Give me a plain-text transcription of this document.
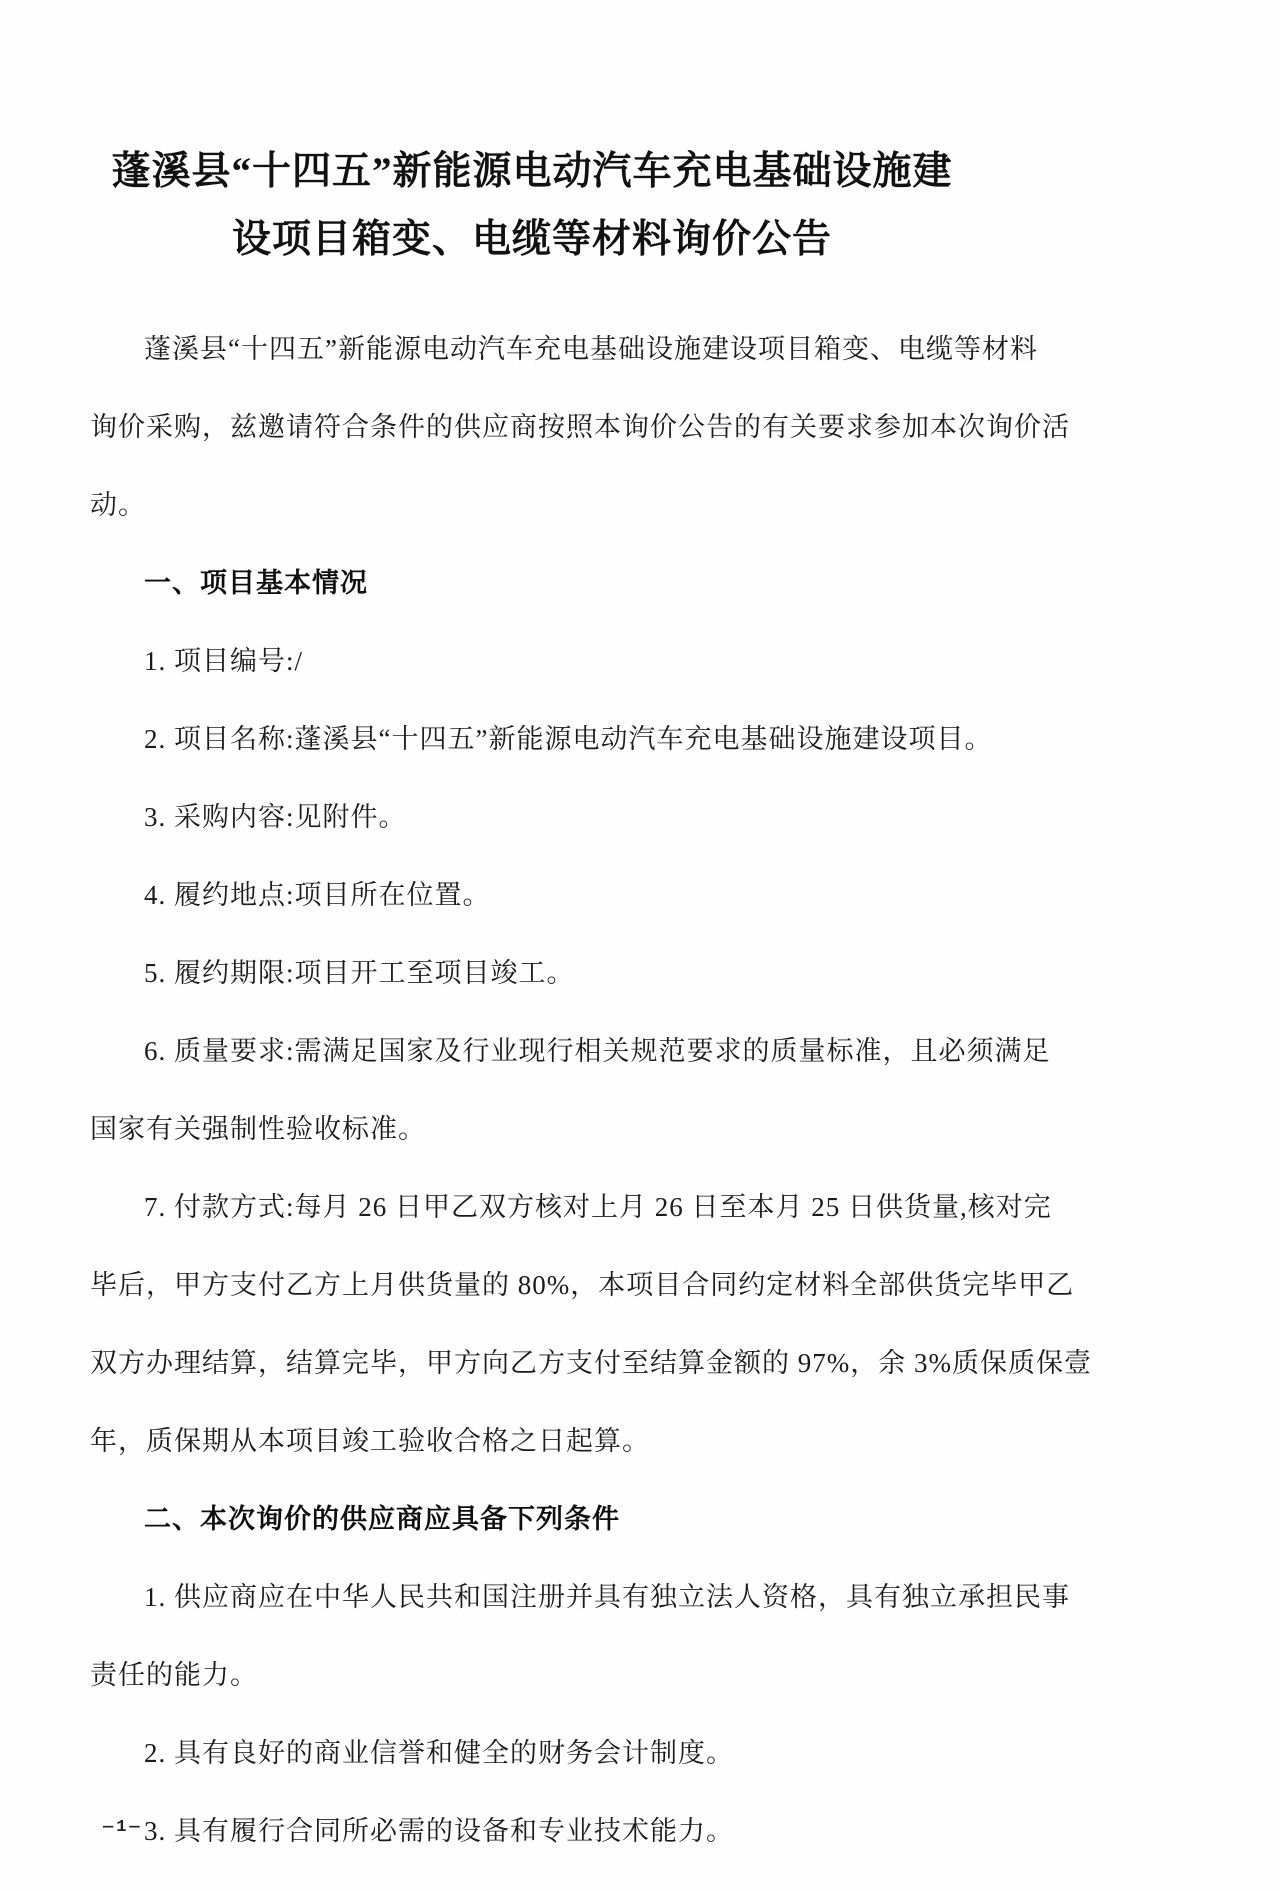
蓬溪县“十四五”新能源电动汽车充电基础设施建
设项目箱变、电缆等材料询价公告
蓬溪县“十四五”新能源电动汽车充电基础设施建设项目箱变、电缆等材料
询价采购，兹邀请符合条件的供应商按照本询价公告的有关要求参加本次询价活
动。
一、项目基本情况
1. 项目编号:/
2. 项目名称:蓬溪县“十四五”新能源电动汽车充电基础设施建设项目。
3. 采购内容:见附件。
4. 履约地点:项目所在位置。
5. 履约期限:项目开工至项目竣工。
6. 质量要求:需满足国家及行业现行相关规范要求的质量标准，且必须满足
国家有关强制性验收标准。
7. 付款方式:每月 26 日甲乙双方核对上月 26 日至本月 25 日供货量,核对完
毕后，甲方支付乙方上月供货量的 80%，本项目合同约定材料全部供货完毕甲乙
双方办理结算，结算完毕，甲方向乙方支付至结算金额的 97%，余 3%质保质保壹
年，质保期从本项目竣工验收合格之日起算。
二、本次询价的供应商应具备下列条件
1. 供应商应在中华人民共和国注册并具有独立法人资格，具有独立承担民事
责任的能力。
2. 具有良好的商业信誉和健全的财务会计制度。
3. 具有履行合同所必需的设备和专业技术能力。
—1—
